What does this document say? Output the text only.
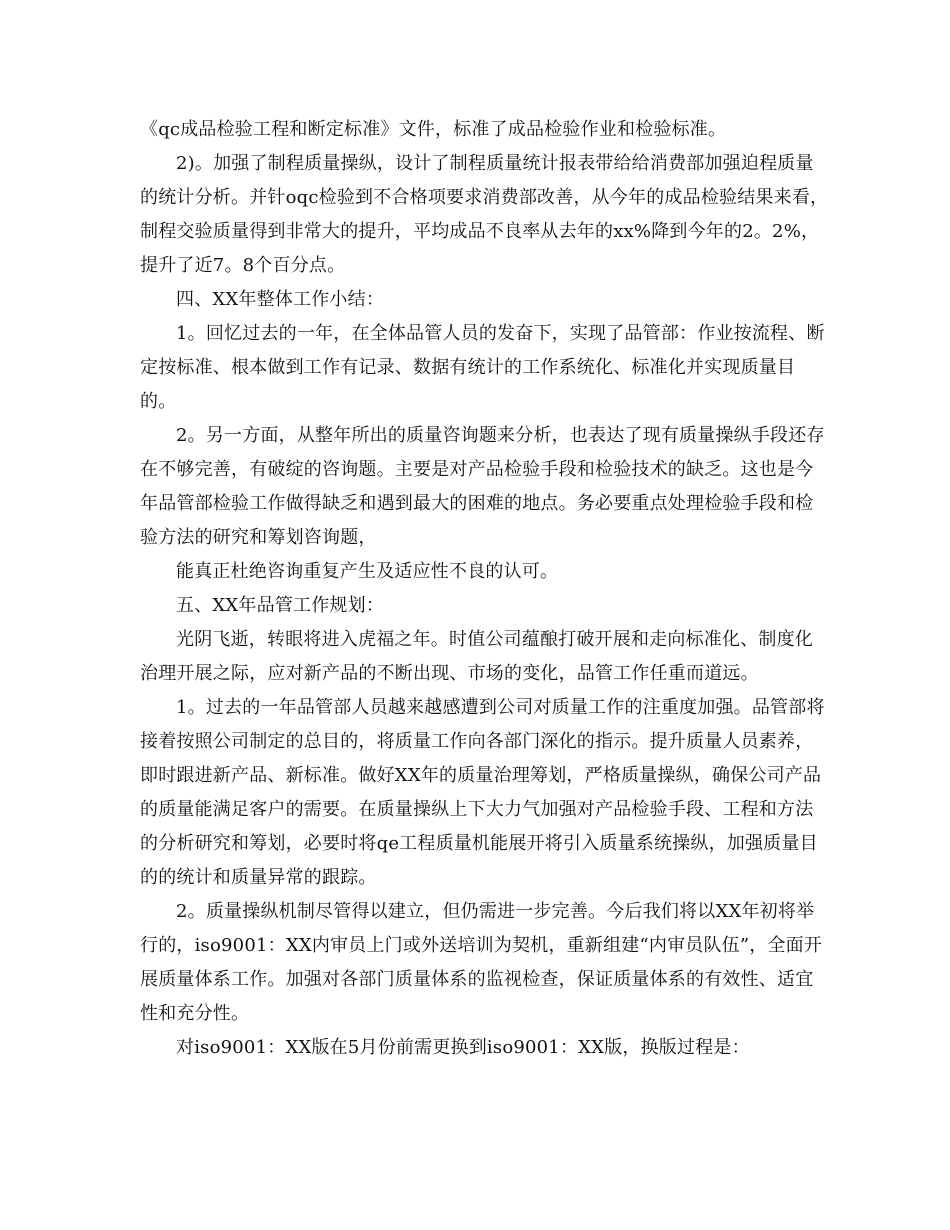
《qc成品检验工程和断定标准》文件，标准了成品检验作业和检验标准。

2)。加强了制程质量操纵，设计了制程质量统计报表带给给消费部加强迫程质量的统计分析。并针oqc检验到不合格项要求消费部改善，从今年的成品检验结果来看，制程交验质量得到非常大的提升，平均成品不良率从去年的xx%降到今年的2。2%，提升了近7。8个百分点。

四、XX年整体工作小结：

1。回忆过去的一年，在全体品管人员的发奋下，实现了品管部：作业按流程、断定按标准、根本做到工作有记录、数据有统计的工作系统化、标准化并实现质量目的。

2。另一方面，从整年所出的质量咨询题来分析，也表达了现有质量操纵手段还存在不够完善，有破绽的咨询题。主要是对产品检验手段和检验技术的缺乏。这也是今年品管部检验工作做得缺乏和遇到最大的困难的地点。务必要重点处理检验手段和检验方法的研究和筹划咨询题，

能真正杜绝咨询重复产生及适应性不良的认可。

五、XX年品管工作规划：

光阴飞逝，转眼将进入虎福之年。时值公司蕴酿打破开展和走向标准化、制度化治理开展之际，应对新产品的不断出现、市场的变化，品管工作任重而道远。

1。过去的一年品管部人员越来越感遭到公司对质量工作的注重度加强。品管部将接着按照公司制定的总目的，将质量工作向各部门深化的指示。提升质量人员素养，即时跟进新产品、新标准。做好XX年的质量治理筹划，严格质量操纵，确保公司产品的质量能满足客户的需要。在质量操纵上下大力气加强对产品检验手段、工程和方法的分析研究和筹划，必要时将qe工程质量机能展开将引入质量系统操纵，加强质量目的的统计和质量异常的跟踪。

2。质量操纵机制尽管得以建立，但仍需进一步完善。今后我们将以XX年初将举行的，iso9001：XX内审员上门或外送培训为契机，重新组建“内审员队伍”，全面开展质量体系工作。加强对各部门质量体系的监视检查，保证质量体系的有效性、适宜性和充分性。

对iso9001：XX版在5月份前需更换到iso9001：XX版，换版过程是：
